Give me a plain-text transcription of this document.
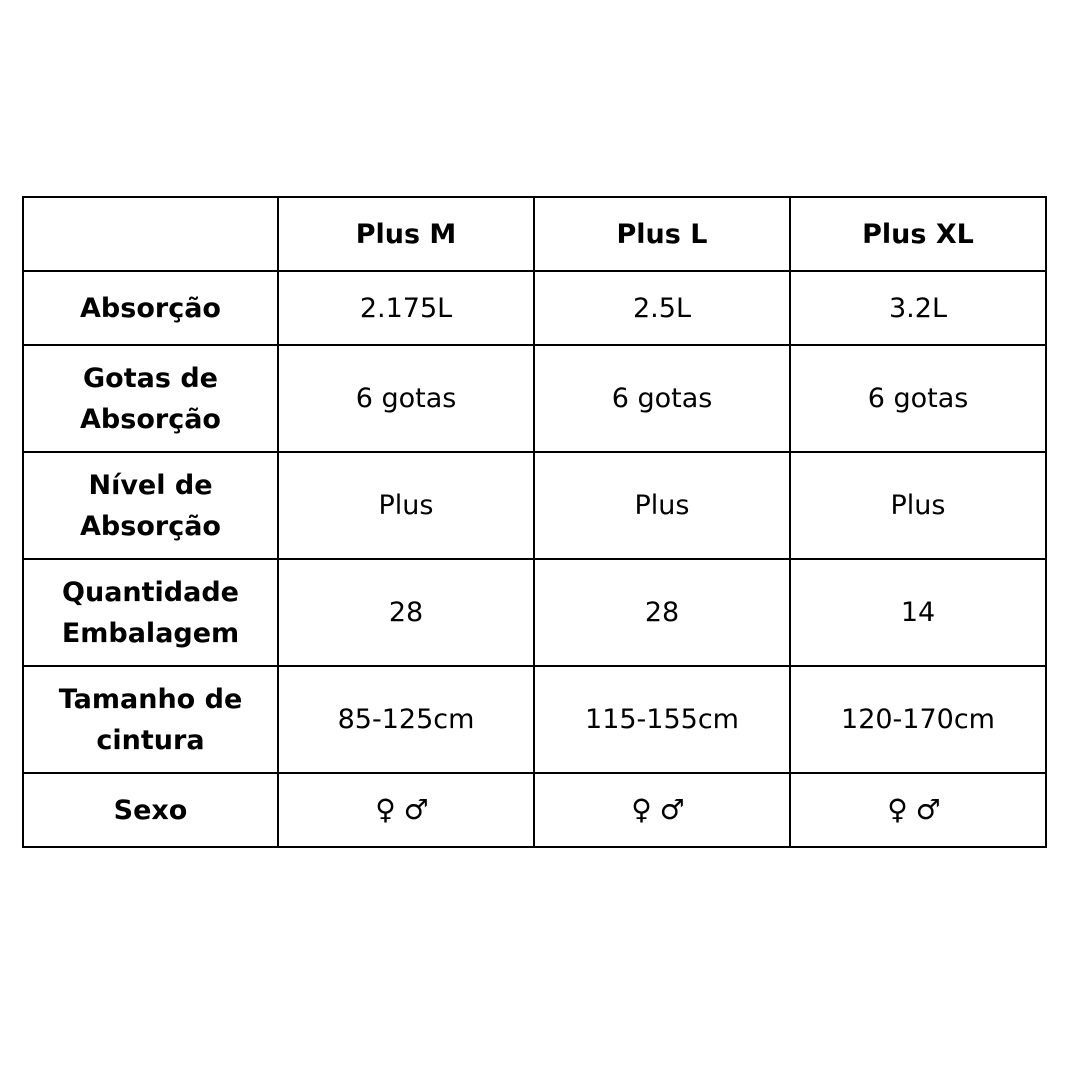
	Plus M	Plus L	Plus XL
Absorção	2.175L	2.5L	3.2L
Gotas de
Absorção	6 gotas	6 gotas	6 gotas
Nível de
Absorção	Plus	Plus	Plus
Quantidade
Embalagem	28	28	14
Tamanho de
cintura	85-125cm	115-155cm	120-170cm
Sexo	♀♂	♀♂	♀♂
